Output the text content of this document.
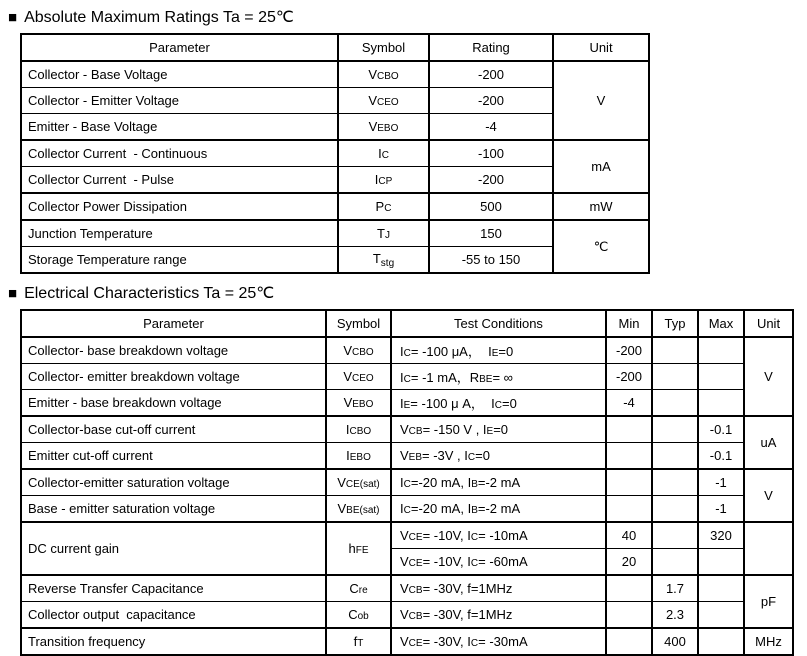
■ Absolute Maximum Ratings Ta = 25℃
Parameter	Symbol	Rating	Unit
Collector - Base Voltage	VCBO	-200	V
Collector - Emitter Voltage	VCEO	-200	
Emitter - Base Voltage	VEBO	-4	
Collector Current  - Continuous	IC	-100	mA
Collector Current  - Pulse	ICP	-200	
Collector Power Dissipation	PC	500	mW
Junction Temperature	TJ	150	℃
Storage Temperature range	$T_{stg}$	-55 to 150	
■ Electrical Characteristics Ta = 25℃
Parameter	Symbol	Test Conditions	Min	Typ	Max	Unit
Collector- base breakdown voltage	VCBO	IC= -100 μA，  IE=0	-200			V
Collector- emitter breakdown voltage	VCEO	IC= -1 mA，RBE= ∞	-200			
Emitter - base breakdown voltage	VEBO	IE= -100 μ A，  IC=0	-4			
Collector-base cut-off current	ICBO	VCB= -150 V , IE=0			-0.1	uA
Emitter cut-off current	IEBO	VEB= -3V , IC=0			-0.1	
Collector-emitter saturation voltage	VCE(sat)	IC=-20 mA, IB=-2 mA			-1	V
Base - emitter saturation voltage	VBE(sat)	IC=-20 mA, IB=-2 mA			-1	
DC current gain	hFE	VCE= -10V, IC= -10mA	40		320	
		VCE= -10V, IC= -60mA	20			
Reverse Transfer Capacitance	Cre	VCB= -30V, f=1MHz		1.7		pF
Collector output  capacitance	Cob	VCB= -30V, f=1MHz		2.3		
Transition frequency	fT	VCE= -30V, IC= -30mA		400		MHz
